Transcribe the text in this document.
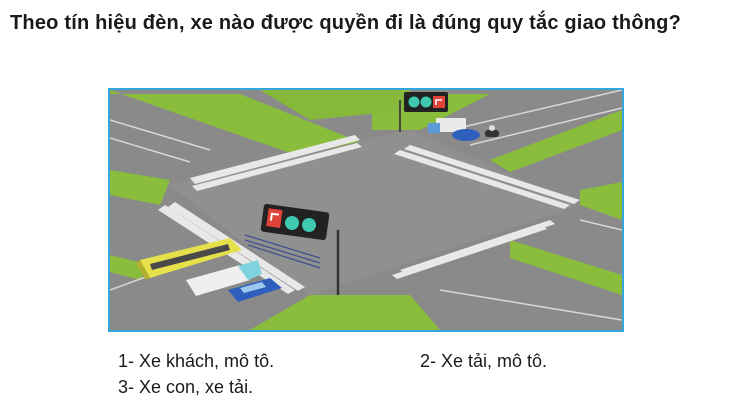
Theo tín hiệu đèn, xe nào được quyền đi là đúng quy tắc giao thông?

1- Xe khách, mô tô.	2- Xe tải, mô tô.
3- Xe con, xe tải.
